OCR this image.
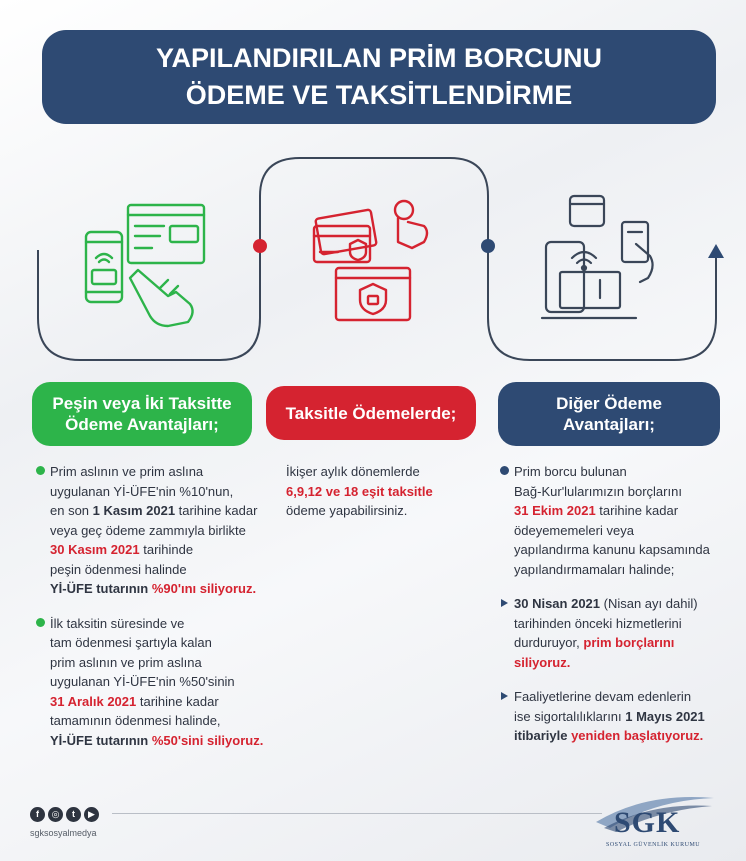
YAPILANDIRILAN PRİM BORCUNU
ÖDEME VE TAKSİTLENDİRME
Peşin veya İki Taksitte
Ödeme Avantajları;
Taksitle Ödemelerde;	Diğer Ödeme
Avantajları;
Prim aslının ve prim aslına
uygulanan Yİ-ÜFE'nin %10'nun,
en son 1 Kasım 2021 tarihine kadar
veya geç ödeme zammıyla birlikte
30 Kasım 2021 tarihinde
peşin ödenmesi halinde
Yİ-ÜFE tutarının %90'ını siliyoruz.
İlk taksitin süresinde ve
tam ödenmesi şartıyla kalan
prim aslının ve prim aslına
uygulanan Yİ-ÜFE'nin %50'sinin
31 Aralık 2021 tarihine kadar
tamamının ödenmesi halinde,
Yİ-ÜFE tutarının %50'sini siliyoruz.
İkişer aylık dönemlerde
6,9,12 ve 18 eşit taksitle
ödeme yapabilirsiniz.
Prim borcu bulunan
Bağ-Kur'lularımızın borçlarını
31 Ekim 2021 tarihine kadar
ödeyememeleri veya
yapılandırma kanunu kapsamında
yapılandırmamaları halinde;
30 Nisan 2021 (Nisan ayı dahil)
tarihinden önceki hizmetlerini
durduruyor, prim borçlarını
siliyoruz.
Faaliyetlerine devam edenlerin
ise sigortalılıklarını 1 Mayıs 2021
itibariyle yeniden başlatıyoruz.
f	◎	t	▶
sgksosyalmedya	SGK
SOSYAL GÜVENLİK KURUMU
